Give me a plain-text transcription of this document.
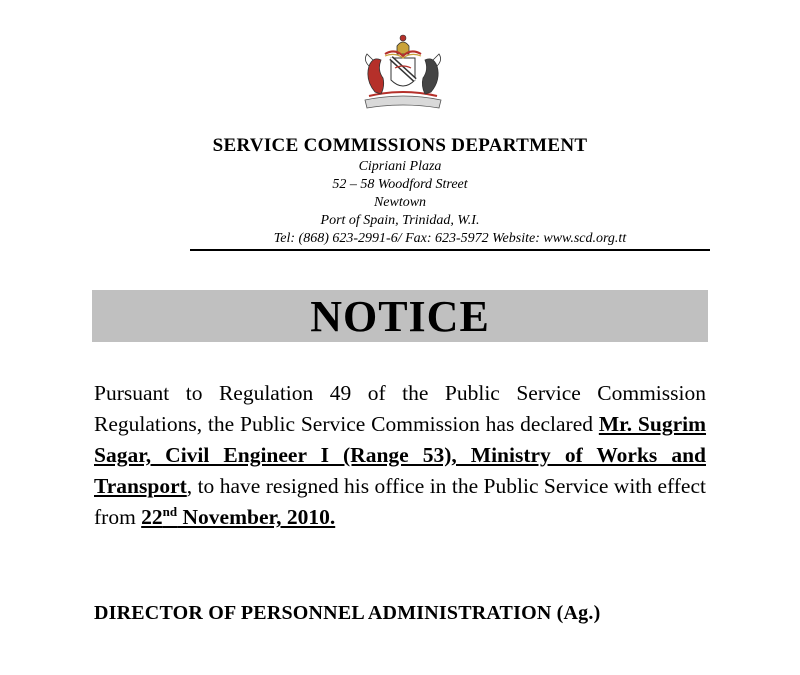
SERVICE COMMISSIONS DEPARTMENT

Cipriani Plaza

52 – 58 Woodford Street

Newtown

Port of Spain, Trinidad, W.I.

Tel: (868) 623-2991-6/ Fax: 623-5972 Website: www.scd.org.tt

NOTICE

Pursuant to Regulation 49 of the Public Service Commission Regulations, the Public Service Commission has declared Mr. Sugrim Sagar, Civil Engineer I (Range 53), Ministry of Works and Transport, to have resigned his office in the Public Service with effect from 22nd November, 2010.

DIRECTOR OF PERSONNEL ADMINISTRATION (Ag.)
